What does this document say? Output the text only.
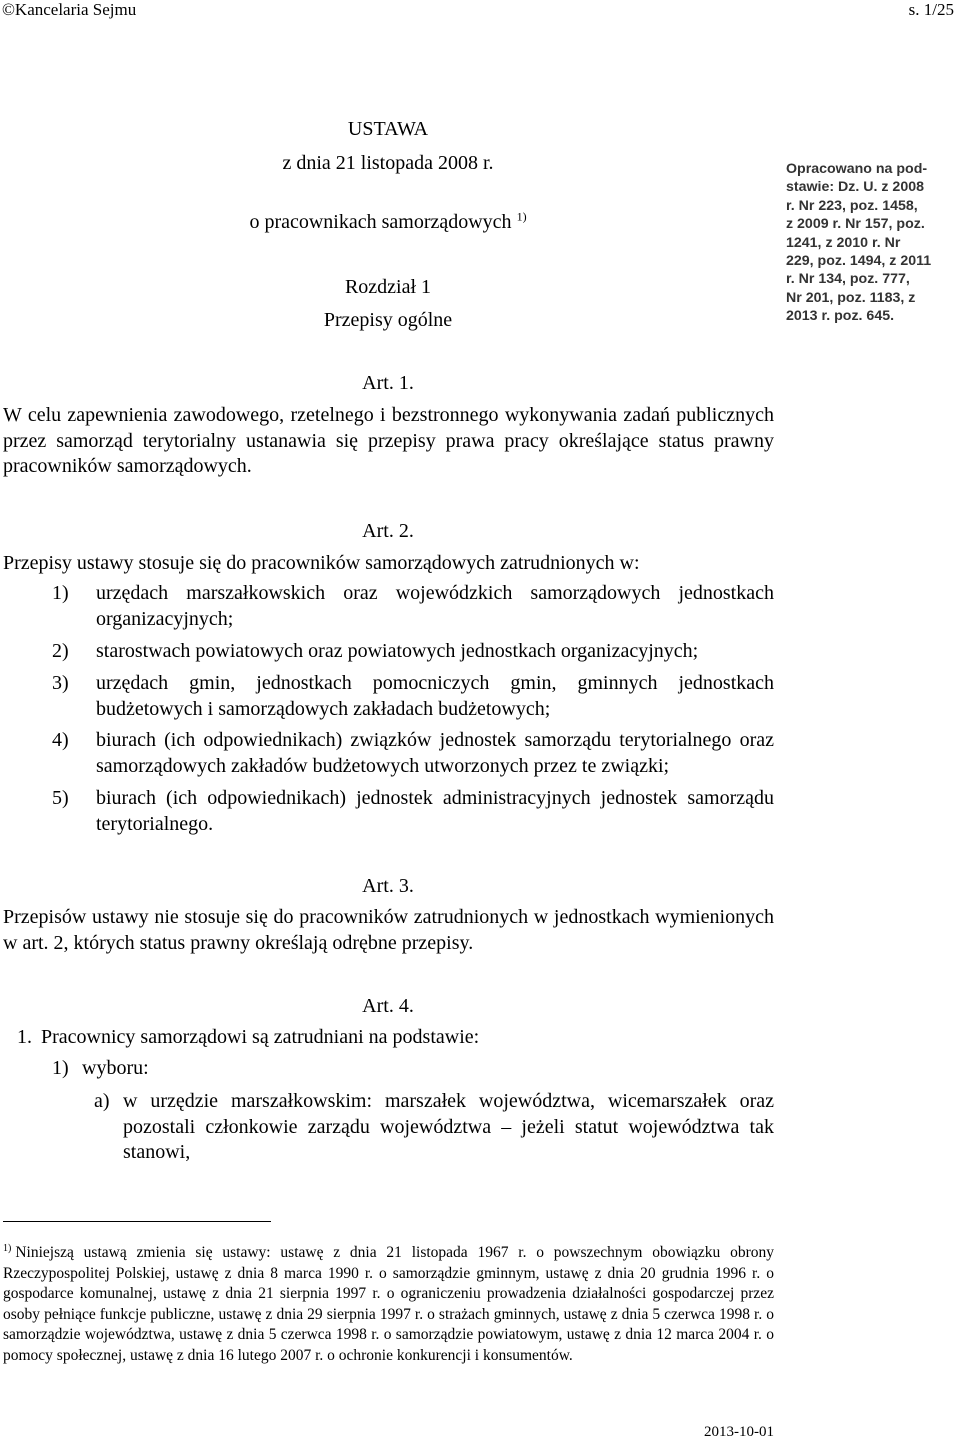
©Kancelaria Sejmu	s. 1/25
USTAWA
z dnia 21 listopada 2008 r.
o pracownikach samorządowych $^{1)}$
Rozdział 1
Przepisy ogólne
Opracowano na pod-
stawie: Dz. U. z 2008
r. Nr 223, poz. 1458,
z 2009 r. Nr 157, poz.
1241, z 2010 r. Nr
229, poz. 1494, z 2011
r. Nr 134, poz. 777,
Nr 201, poz. 1183, z
2013 r. poz. 645.
Art. 1.
W celu zapewnienia zawodowego, rzetelnego i bezstronnego wykonywania zadań publicznych przez samorząd terytorialny ustanawia się przepisy prawa pracy określające status prawny pracowników samorządowych.
Art. 2.
Przepisy ustawy stosuje się do pracowników samorządowych zatrudnionych w:
1)	urzędach marszałkowskich oraz wojewódzkich samorządowych jednostkach organizacyjnych;
2)	starostwach powiatowych oraz powiatowych jednostkach organizacyjnych;
3)	urzędach gmin, jednostkach pomocniczych gmin, gminnych jednostkach budżetowych i samorządowych zakładach budżetowych;
4)	biurach (ich odpowiednikach) związków jednostek samorządu terytorialnego oraz samorządowych zakładów budżetowych utworzonych przez te związki;
5)	biurach (ich odpowiednikach) jednostek administracyjnych jednostek samorządu terytorialnego.
Art. 3.
Przepisów ustawy nie stosuje się do pracowników zatrudnionych w jednostkach wymienionych w art. 2, których status prawny określają odrębne przepisy.
Art. 4.
1. Pracownicy samorządowi są zatrudniani na podstawie:
1) wyboru:
a) w urzędzie marszałkowskim: marszałek województwa, wicemarszałek oraz pozostali członkowie zarządu województwa – jeżeli statut województwa tak stanowi,
$^{1)}$ Niniejszą ustawą zmienia się ustawy: ustawę z dnia 21 listopada 1967 r. o powszechnym obowiązku obrony Rzeczypospolitej Polskiej, ustawę z dnia 8 marca 1990 r. o samorządzie gminnym, ustawę z dnia 20 grudnia 1996 r. o gospodarce komunalnej, ustawę z dnia 21 sierpnia 1997 r. o ograniczeniu prowadzenia działalności gospodarczej przez osoby pełniące funkcje publiczne, ustawę z dnia 29 sierpnia 1997 r. o strażach gminnych, ustawę z dnia 5 czerwca 1998 r. o samorządzie województwa, ustawę z dnia 5 czerwca 1998 r. o samorządzie powiatowym, ustawę z dnia 12 marca 2004 r. o pomocy społecznej, ustawę z dnia 16 lutego 2007 r. o ochronie konkurencji i konsumentów.
2013-10-01
